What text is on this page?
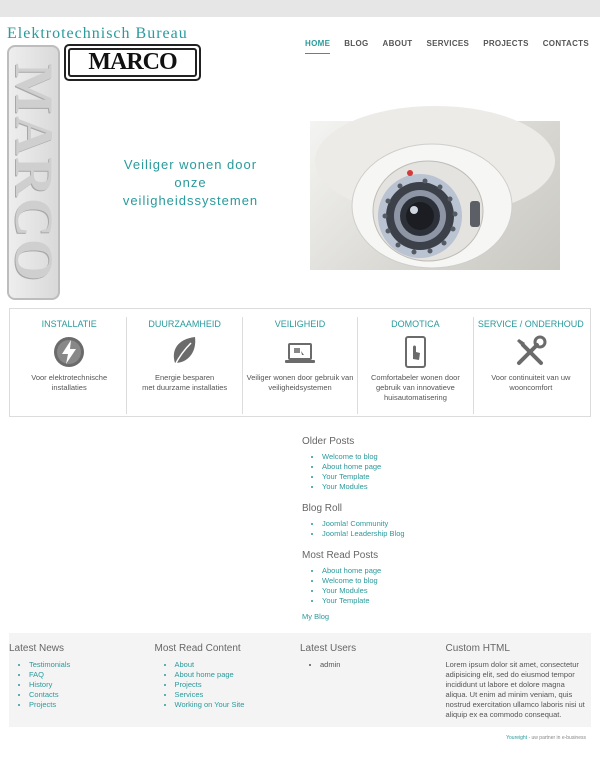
Elektrotechnisch Bureau
MARCO
MARCO
HOME BLOG ABOUT SERVICES PROJECTS CONTACTS
Veiliger wonen door
onze
veiligheidssystemen
INSTALLATIE
Voor elektrotechnische
installaties
DUURZAAMHEID
Energie besparen
met duurzame installaties
VEILIGHEID
Veiliger wonen door gebruik van
veiligheidsystemen
DOMOTICA
Comfortabeler wonen door
gebruik van innovatieve
huisautomatisering
SERVICE / ONDERHOUD
Voor continuiteit van uw
wooncomfort
Older Posts
• Welcome to blog
• About home page
• Your Template
• Your Modules
Blog Roll
• Joomla! Community
• Joomla! Leadership Blog
Most Read Posts
• About home page
• Welcome to blog
• Your Modules
• Your Template
My Blog
Latest News
• Testimonials
• FAQ
• History
• Contacts
• Projects
Most Read Content
• About
• About home page
• Projects
• Services
• Working on Your Site
Latest Users
• admin
Custom HTML
Lorem ipsum dolor sit amet, consectetur adipisicing elit, sed do eiusmod tempor incididunt ut labore et dolore magna aliqua. Ut enim ad minim veniam, quis nostrud exercitation ullamco laboris nisi ut aliquip ex ea commodo consequat.
Youreight - uw partner in e-business
